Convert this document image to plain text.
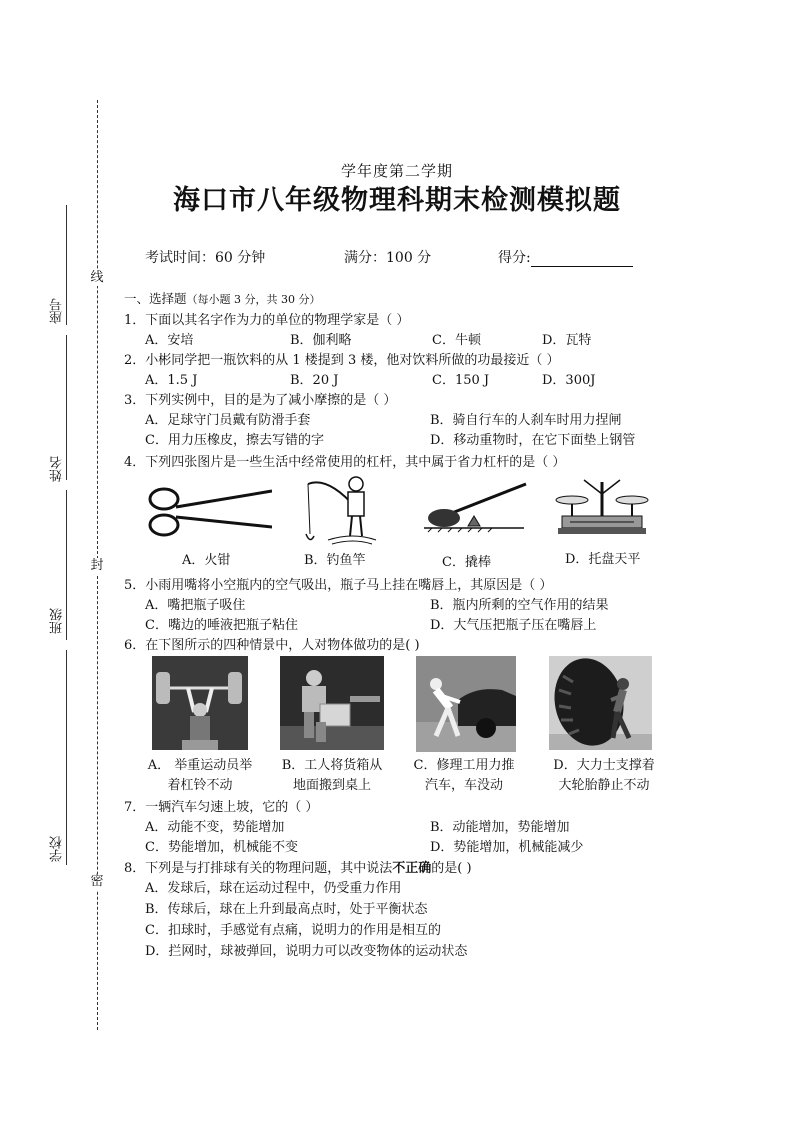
线
封
密
座号
姓名
班级
学校
学年度第二学期
海口市八年级物理科期末检测模拟题
考试时间：60 分钟	满分：100 分	得分:
一、选择题（每小题 3 分，共 30 分）
1．下面以其名字作为力的单位的物理学家是（ ）
A．安培	B．伽利略	C．牛顿	D．瓦特
2．小彬同学把一瓶饮料的从 1 楼提到 3 楼，他对饮料所做的功最接近（ ）
A．1.5 J	B．20 J	C．150 J	D．300J
3．下列实例中，目的是为了减小摩擦的是（ ）
A．足球守门员戴有防滑手套	B．骑自行车的人刹车时用力捏闸
C．用力压橡皮，擦去写错的字	D．移动重物时，在它下面垫上钢管
4．下列四张图片是一些生活中经常使用的杠杆，其中属于省力杠杆的是（ ）
A．火钳	B．钓鱼竿	C．撬棒	D．托盘天平
5．小雨用嘴将小空瓶内的空气吸出，瓶子马上挂在嘴唇上，其原因是（ ）
A．嘴把瓶子吸住	B．瓶内所剩的空气作用的结果
C．嘴边的唾液把瓶子粘住	D．大气压把瓶子压在嘴唇上
6．在下图所示的四种情景中，人对物体做功的是( )
A． 举重运动员举
着杠铃不动
B．工人将货箱从
地面搬到桌上
C．修理工用力推
汽车，车没动
D．大力士支撑着
大轮胎静止不动
7．一辆汽车匀速上坡，它的（ ）
A．动能不变，势能增加	B．动能增加，势能增加
C．势能增加，机械能不变	D．势能增加，机械能减少
8．下列是与打排球有关的物理问题，其中说法不正确的是( )
A．发球后，球在运动过程中，仍受重力作用
B．传球后，球在上升到最高点时，处于平衡状态
C．扣球时，手感觉有点痛，说明力的作用是相互的
D．拦网时，球被弹回，说明力可以改变物体的运动状态
